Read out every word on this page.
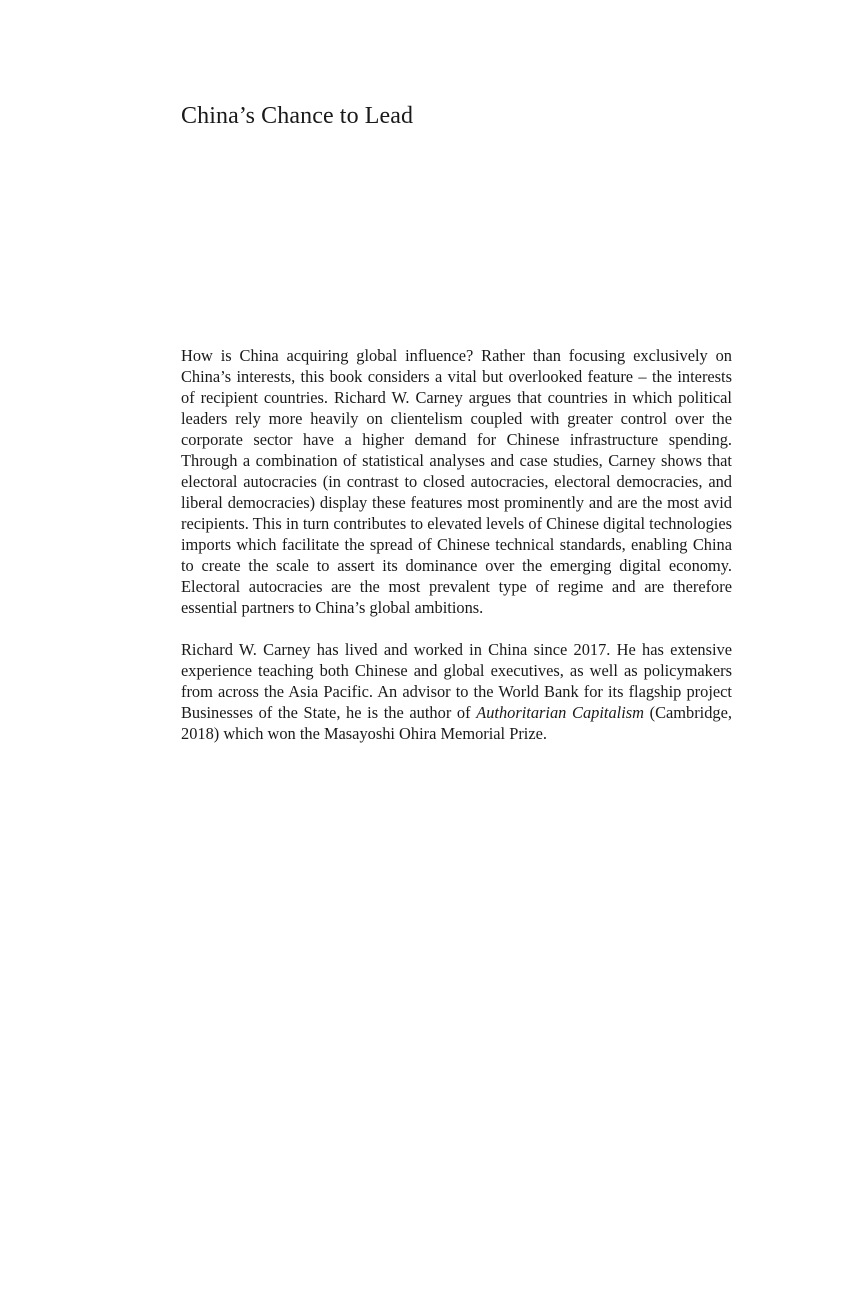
China’s Chance to Lead

How is China acquiring global influence? Rather than focusing exclusively on China’s interests, this book considers a vital but overlooked feature – the interests of recipient countries. Richard W. Carney argues that countries in which political leaders rely more heavily on clientelism coupled with greater control over the corporate sector have a higher demand for Chinese infrastructure spending. Through a combination of statistical analyses and case studies, Carney shows that electoral autocracies (in contrast to closed autocracies, electoral democracies, and liberal democracies) display these features most prominently and are the most avid recipients. This in turn contributes to elevated levels of Chinese digital technologies imports which facilitate the spread of Chinese technical standards, enabling China to create the scale to assert its dominance over the emerging digital economy. Electoral autocracies are the most prevalent type of regime and are therefore essential partners to China’s global ambitions.

Richard W. Carney has lived and worked in China since 2017. He has extensive experience teaching both Chinese and global executives, as well as policymakers from across the Asia Pacific. An advisor to the World Bank for its flagship project Businesses of the State, he is the author of Authoritarian Capitalism (Cambridge, 2018) which won the Masayoshi Ohira Memorial Prize.
